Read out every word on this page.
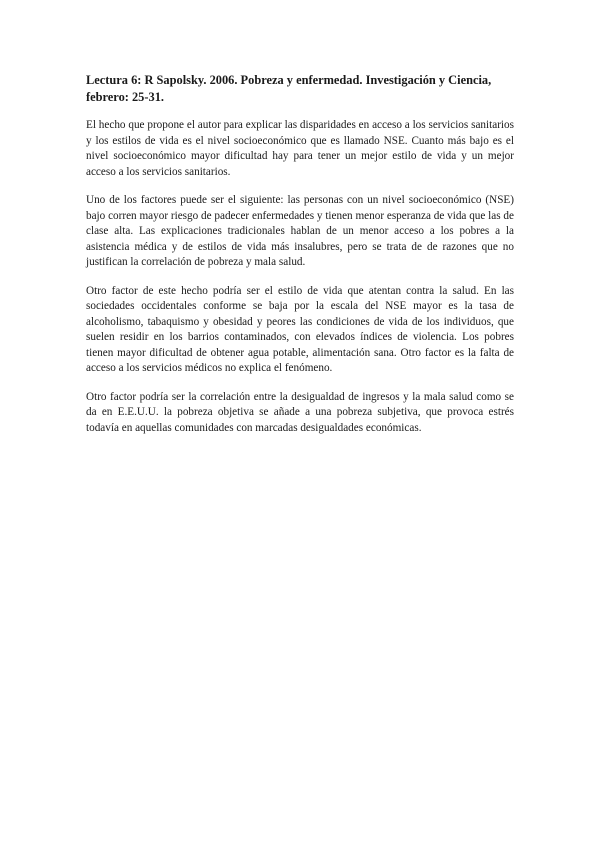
Lectura 6: R Sapolsky. 2006. Pobreza y enfermedad. Investigación y Ciencia, febrero: 25-31.

El hecho que propone el autor para explicar las disparidades en acceso a los servicios sanitarios y los estilos de vida es el nivel socioeconómico que es llamado NSE. Cuanto más bajo es el nivel socioeconómico mayor dificultad hay para tener un mejor estilo de vida y un mejor acceso a los servicios sanitarios.

Uno de los factores puede ser el siguiente: las personas con un nivel socioeconómico (NSE) bajo corren mayor riesgo de padecer enfermedades y tienen menor esperanza de vida que las de clase alta. Las explicaciones tradicionales hablan de un menor acceso a los pobres a la asistencia médica y de estilos de vida más insalubres, pero se trata de de razones que no justifican la correlación de pobreza y mala salud.

Otro factor de este hecho podría ser el estilo de vida que atentan contra la salud. En las sociedades occidentales conforme se baja por la escala del NSE mayor es la tasa de alcoholismo, tabaquismo y obesidad y peores las condiciones de vida de los individuos, que suelen residir en los barrios contaminados, con elevados índices de violencia. Los pobres tienen mayor dificultad de obtener agua potable, alimentación sana. Otro factor es la falta de acceso a los servicios médicos no explica el fenómeno.

Otro factor podría ser la correlación entre la desigualdad de ingresos y la mala salud como se da en E.E.U.U. la pobreza objetiva se añade a una pobreza subjetiva, que provoca estrés todavía en aquellas comunidades con marcadas desigualdades económicas.
